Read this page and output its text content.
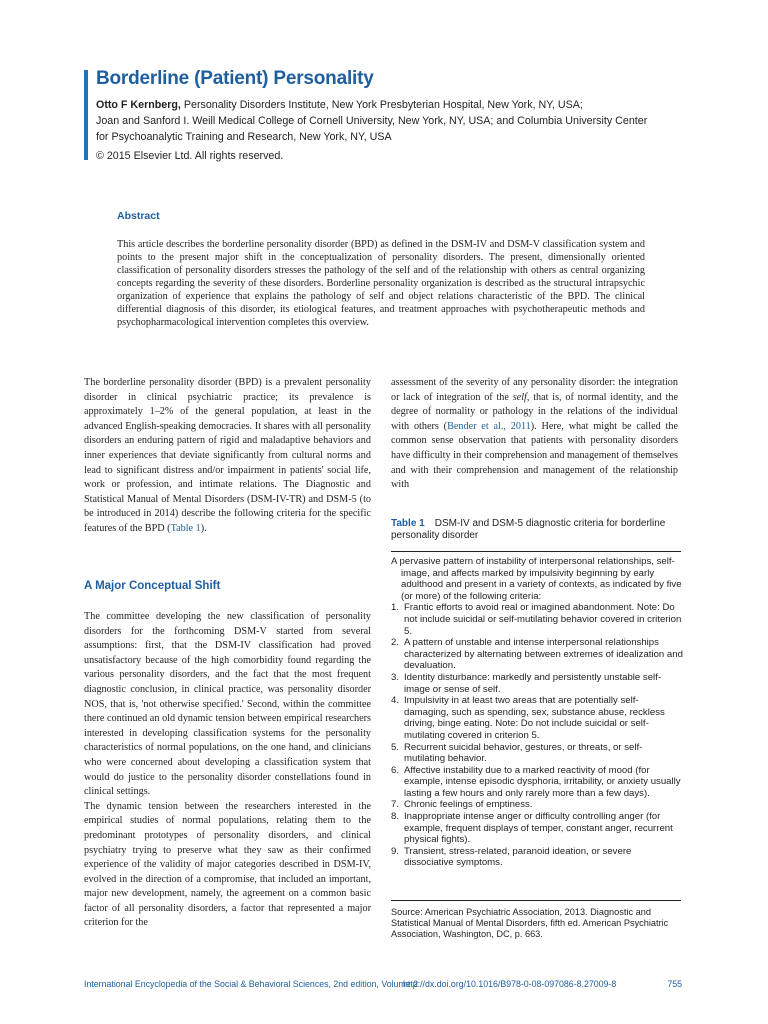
Borderline (Patient) Personality
Otto F Kernberg, Personality Disorders Institute, New York Presbyterian Hospital, New York, NY, USA;
Joan and Sanford I. Weill Medical College of Cornell University, New York, NY, USA; and Columbia University Center for Psychoanalytic Training and Research, New York, NY, USA
© 2015 Elsevier Ltd. All rights reserved.
Abstract

This article describes the borderline personality disorder (BPD) as defined in the DSM-IV and DSM-V classification system and points to the present major shift in the conceptualization of personality disorders. The present, dimensionally oriented classification of personality disorders stresses the pathology of the self and of the relationship with others as central organizing concepts regarding the severity of these disorders. Borderline personality organization is described as the structural intrapsychic organization of experience that explains the pathology of self and object relations characteristic of the BPD. The clinical differential diagnosis of this disorder, its etiological features, and treatment approaches with psychotherapeutic methods and psychopharmacological intervention completes this overview.

The borderline personality disorder (BPD) is a prevalent personality disorder in clinical psychiatric practice; its prevalence is approximately 1–2% of the general population, at least in the advanced English-speaking democracies. It shares with all personality disorders an enduring pattern of rigid and maladaptive behaviors and inner experiences that deviate significantly from cultural norms and lead to significant distress and/or impairment in patients' social life, work or profession, and intimate relations. The Diagnostic and Statistical Manual of Mental Disorders (DSM-IV-TR) and DSM-5 (to be introduced in 2014) describe the following criteria for the specific features of the BPD (Table 1).

A Major Conceptual Shift

The committee developing the new classification of personality disorders for the forthcoming DSM-V started from several assumptions: first, that the DSM-IV classification had proved unsatisfactory because of the high comorbidity found regarding the various personality disorders, and the fact that the most frequent diagnostic conclusion, in clinical practice, was personality disorder NOS, that is, 'not otherwise specified.' Second, within the committee there continued an old dynamic tension between empirical researchers interested in developing classification systems for the personality characteristics of normal populations, on the one hand, and clinicians who were concerned about developing a classification system that would do justice to the personality disorder constellations found in clinical settings.

The dynamic tension between the researchers interested in the empirical studies of normal populations, relating them to the predominant prototypes of personality disorders, and clinical psychiatry trying to preserve what they saw as their confirmed experience of the validity of major categories described in DSM-IV, evolved in the direction of a compromise, that included an important, major new development, namely, the agreement on a common basic factor of all personality disorders, a factor that represented a major criterion for the

assessment of the severity of any personality disorder: the integration or lack of integration of the self, that is, of normal identity, and the degree of normality or pathology in the relations of the individual with others (Bender et al., 2011). Here, what might be called the common sense observation that patients with personality disorders have difficulty in their comprehension and management of themselves and with their comprehension and management of the relationship with

Table 1 DSM-IV and DSM-5 diagnostic criteria for borderline personality disorder

A pervasive pattern of instability of interpersonal relationships, self-image, and affects marked by impulsivity beginning by early adulthood and present in a variety of contexts, as indicated by five (or more) of the following criteria:

1. Frantic efforts to avoid real or imagined abandonment. Note: Do not include suicidal or self-mutilating behavior covered in criterion 5.
2. A pattern of unstable and intense interpersonal relationships characterized by alternating between extremes of idealization and devaluation.
3. Identity disturbance: markedly and persistently unstable self-image or sense of self.
4. Impulsivity in at least two areas that are potentially self-damaging, such as spending, sex, substance abuse, reckless driving, binge eating. Note: Do not include suicidal or self-mutilating covered in criterion 5.
5. Recurrent suicidal behavior, gestures, or threats, or self-mutilating behavior.
6. Affective instability due to a marked reactivity of mood (for example, intense episodic dysphoria, irritability, or anxiety usually lasting a few hours and only rarely more than a few days).
7. Chronic feelings of emptiness.
8. Inappropriate intense anger or difficulty controlling anger (for example, frequent displays of temper, constant anger, recurrent physical fights).
9. Transient, stress-related, paranoid ideation, or severe dissociative symptoms.

Source: American Psychiatric Association, 2013. Diagnostic and Statistical Manual of Mental Disorders, fifth ed. American Psychiatric Association, Washington, DC, p. 663.

International Encyclopedia of the Social & Behavioral Sciences, 2nd edition, Volume 2
http://dx.doi.org/10.1016/B978-0-08-097086-8.27009-8	755
